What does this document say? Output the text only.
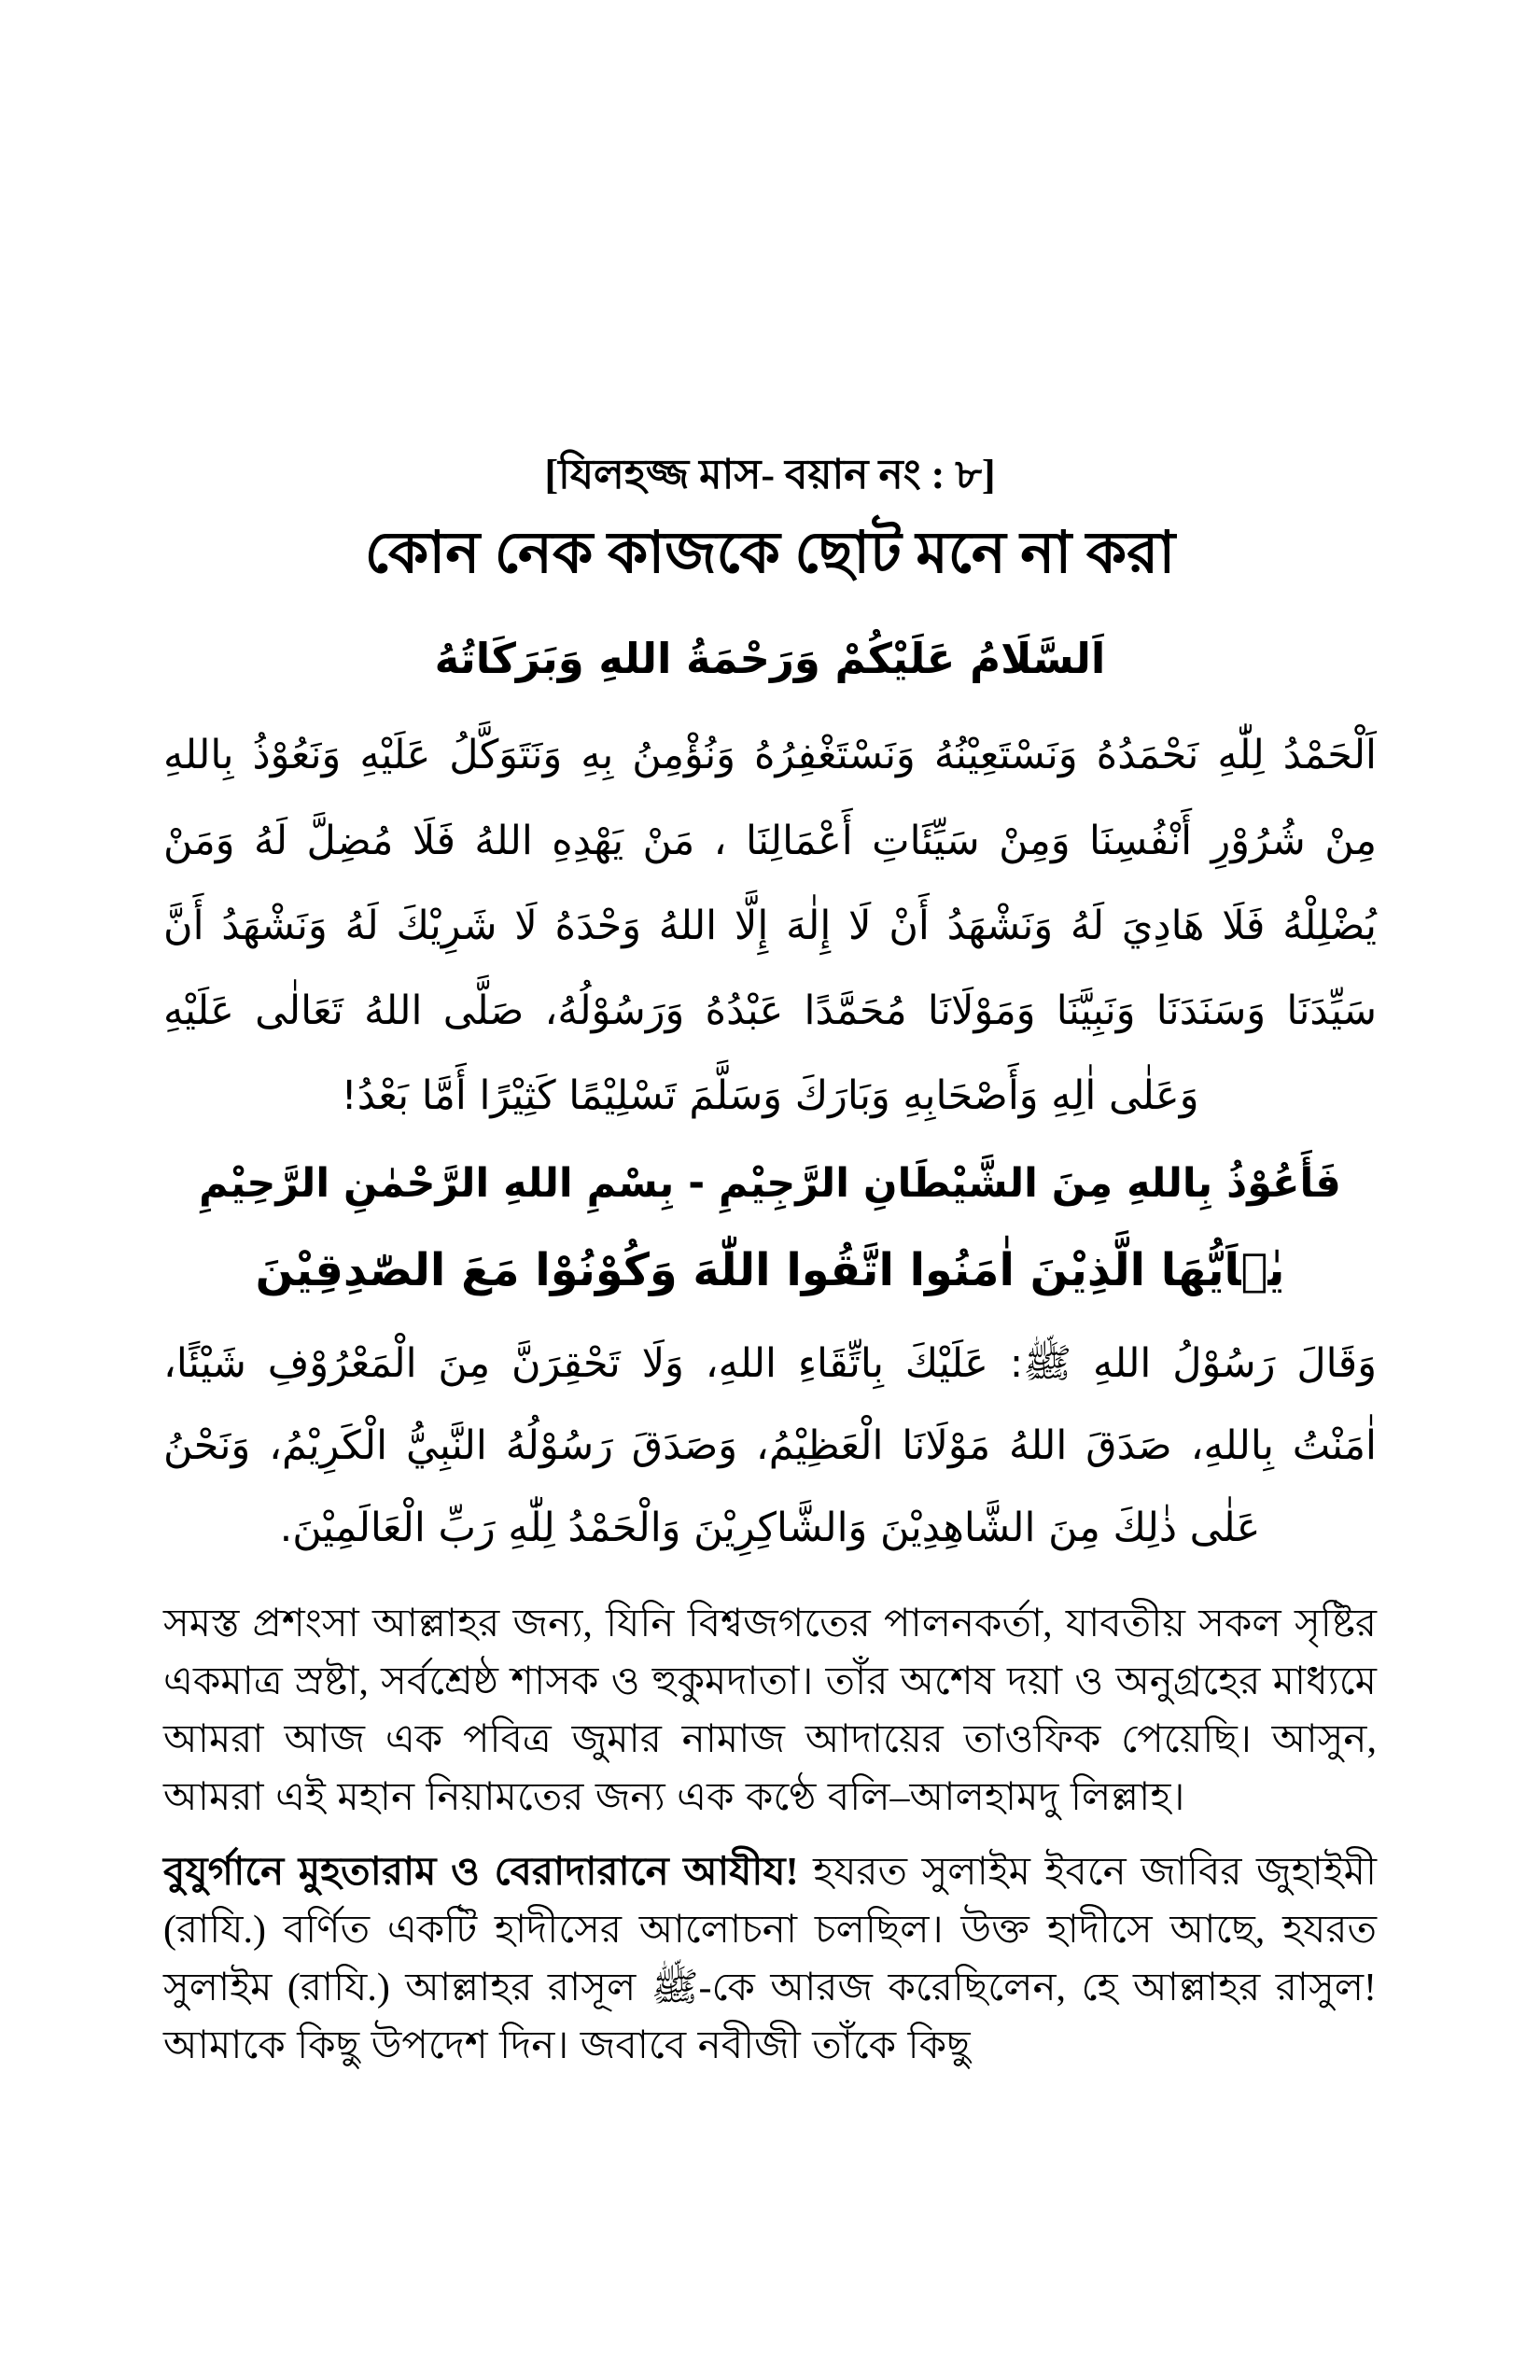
[যিলহজ্জ মাস- বয়ান নং : ৮]
কোন নেক কাজকে ছোট মনে না করা
اَلسَّلَامُ عَلَيْكُمْ وَرَحْمَةُ اللهِ وَبَرَكَاتُهُ
اَلْحَمْدُ لِلّٰهِ نَحْمَدُهُ وَنَسْتَعِيْنُهُ وَنَسْتَغْفِرُهُ وَنُؤْمِنُ بِهِ وَنَتَوَكَّلُ عَلَيْهِ وَنَعُوْذُ بِاللهِ مِنْ شُرُوْرِ أَنْفُسِنَا وَمِنْ سَيِّئَاتِ أَعْمَالِنَا ، مَنْ يَهْدِهِ اللهُ فَلَا مُضِلَّ لَهُ وَمَنْ يُضْلِلْهُ فَلَا هَادِيَ لَهُ وَنَشْهَدُ أَنْ لَا إِلٰهَ إِلَّا اللهُ وَحْدَهُ لَا شَرِيْكَ لَهُ وَنَشْهَدُ أَنَّ سَيِّدَنَا وَسَنَدَنَا وَنَبِيَّنَا وَمَوْلَانَا مُحَمَّدًا عَبْدُهُ وَرَسُوْلُهُ، صَلَّى اللهُ تَعَالٰى عَلَيْهِ وَعَلٰى اٰلِهِ وَأَصْحَابِهِ وَبَارَكَ وَسَلَّمَ تَسْلِيْمًا كَثِيْرًا أَمَّا بَعْدُ!
فَأَعُوْذُ بِاللهِ مِنَ الشَّيْطَانِ الرَّجِيْمِ - بِسْمِ اللهِ الرَّحْمٰنِ الرَّحِيْمِ
يٰۤاَيُّهَا الَّذِيْنَ اٰمَنُوا اتَّقُوا اللّٰهَ وَكُوْنُوْا مَعَ الصّٰدِقِيْنَ
وَقَالَ رَسُوْلُ اللهِ ﷺ: عَلَيْكَ بِاتِّقَاءِ اللهِ، وَلَا تَحْقِرَنَّ مِنَ الْمَعْرُوْفِ شَيْئًا، اٰمَنْتُ بِاللهِ، صَدَقَ اللهُ مَوْلَانَا الْعَظِيْمُ، وَصَدَقَ رَسُوْلُهُ النَّبِيُّ الْكَرِيْمُ، وَنَحْنُ عَلٰى ذٰلِكَ مِنَ الشَّاهِدِيْنَ وَالشَّاكِرِيْنَ وَالْحَمْدُ لِلّٰهِ رَبِّ الْعَالَمِيْنَ.

সমস্ত প্রশংসা আল্লাহর জন্য, যিনি বিশ্বজগতের পালনকর্তা, যাবতীয় সকল সৃষ্টির একমাত্র স্রষ্টা, সর্বশ্রেষ্ঠ শাসক ও হুকুমদাতা। তাঁর অশেষ দয়া ও অনুগ্রহের মাধ্যমে আমরা আজ এক পবিত্র জুমার নামাজ আদায়ের তাওফিক পেয়েছি। আসুন, আমরা এই মহান নিয়ামতের জন্য এক কণ্ঠে বলি–আলহামদু লিল্লাহ।

বুযুর্গানে মুহতারাম ও বেরাদারানে আযীয! হযরত সুলাইম ইবনে জাবির জুহাইমী (রাযি.) বর্ণিত একটি হাদীসের আলোচনা চলছিল। উক্ত হাদীসে আছে, হযরত সুলাইম (রাযি.) আল্লাহর রাসূল ﷺ-কে আরজ করেছিলেন, হে আল্লাহর রাসুল! আমাকে কিছু উপদেশ দিন। জবাবে নবীজী তাঁকে কিছু
